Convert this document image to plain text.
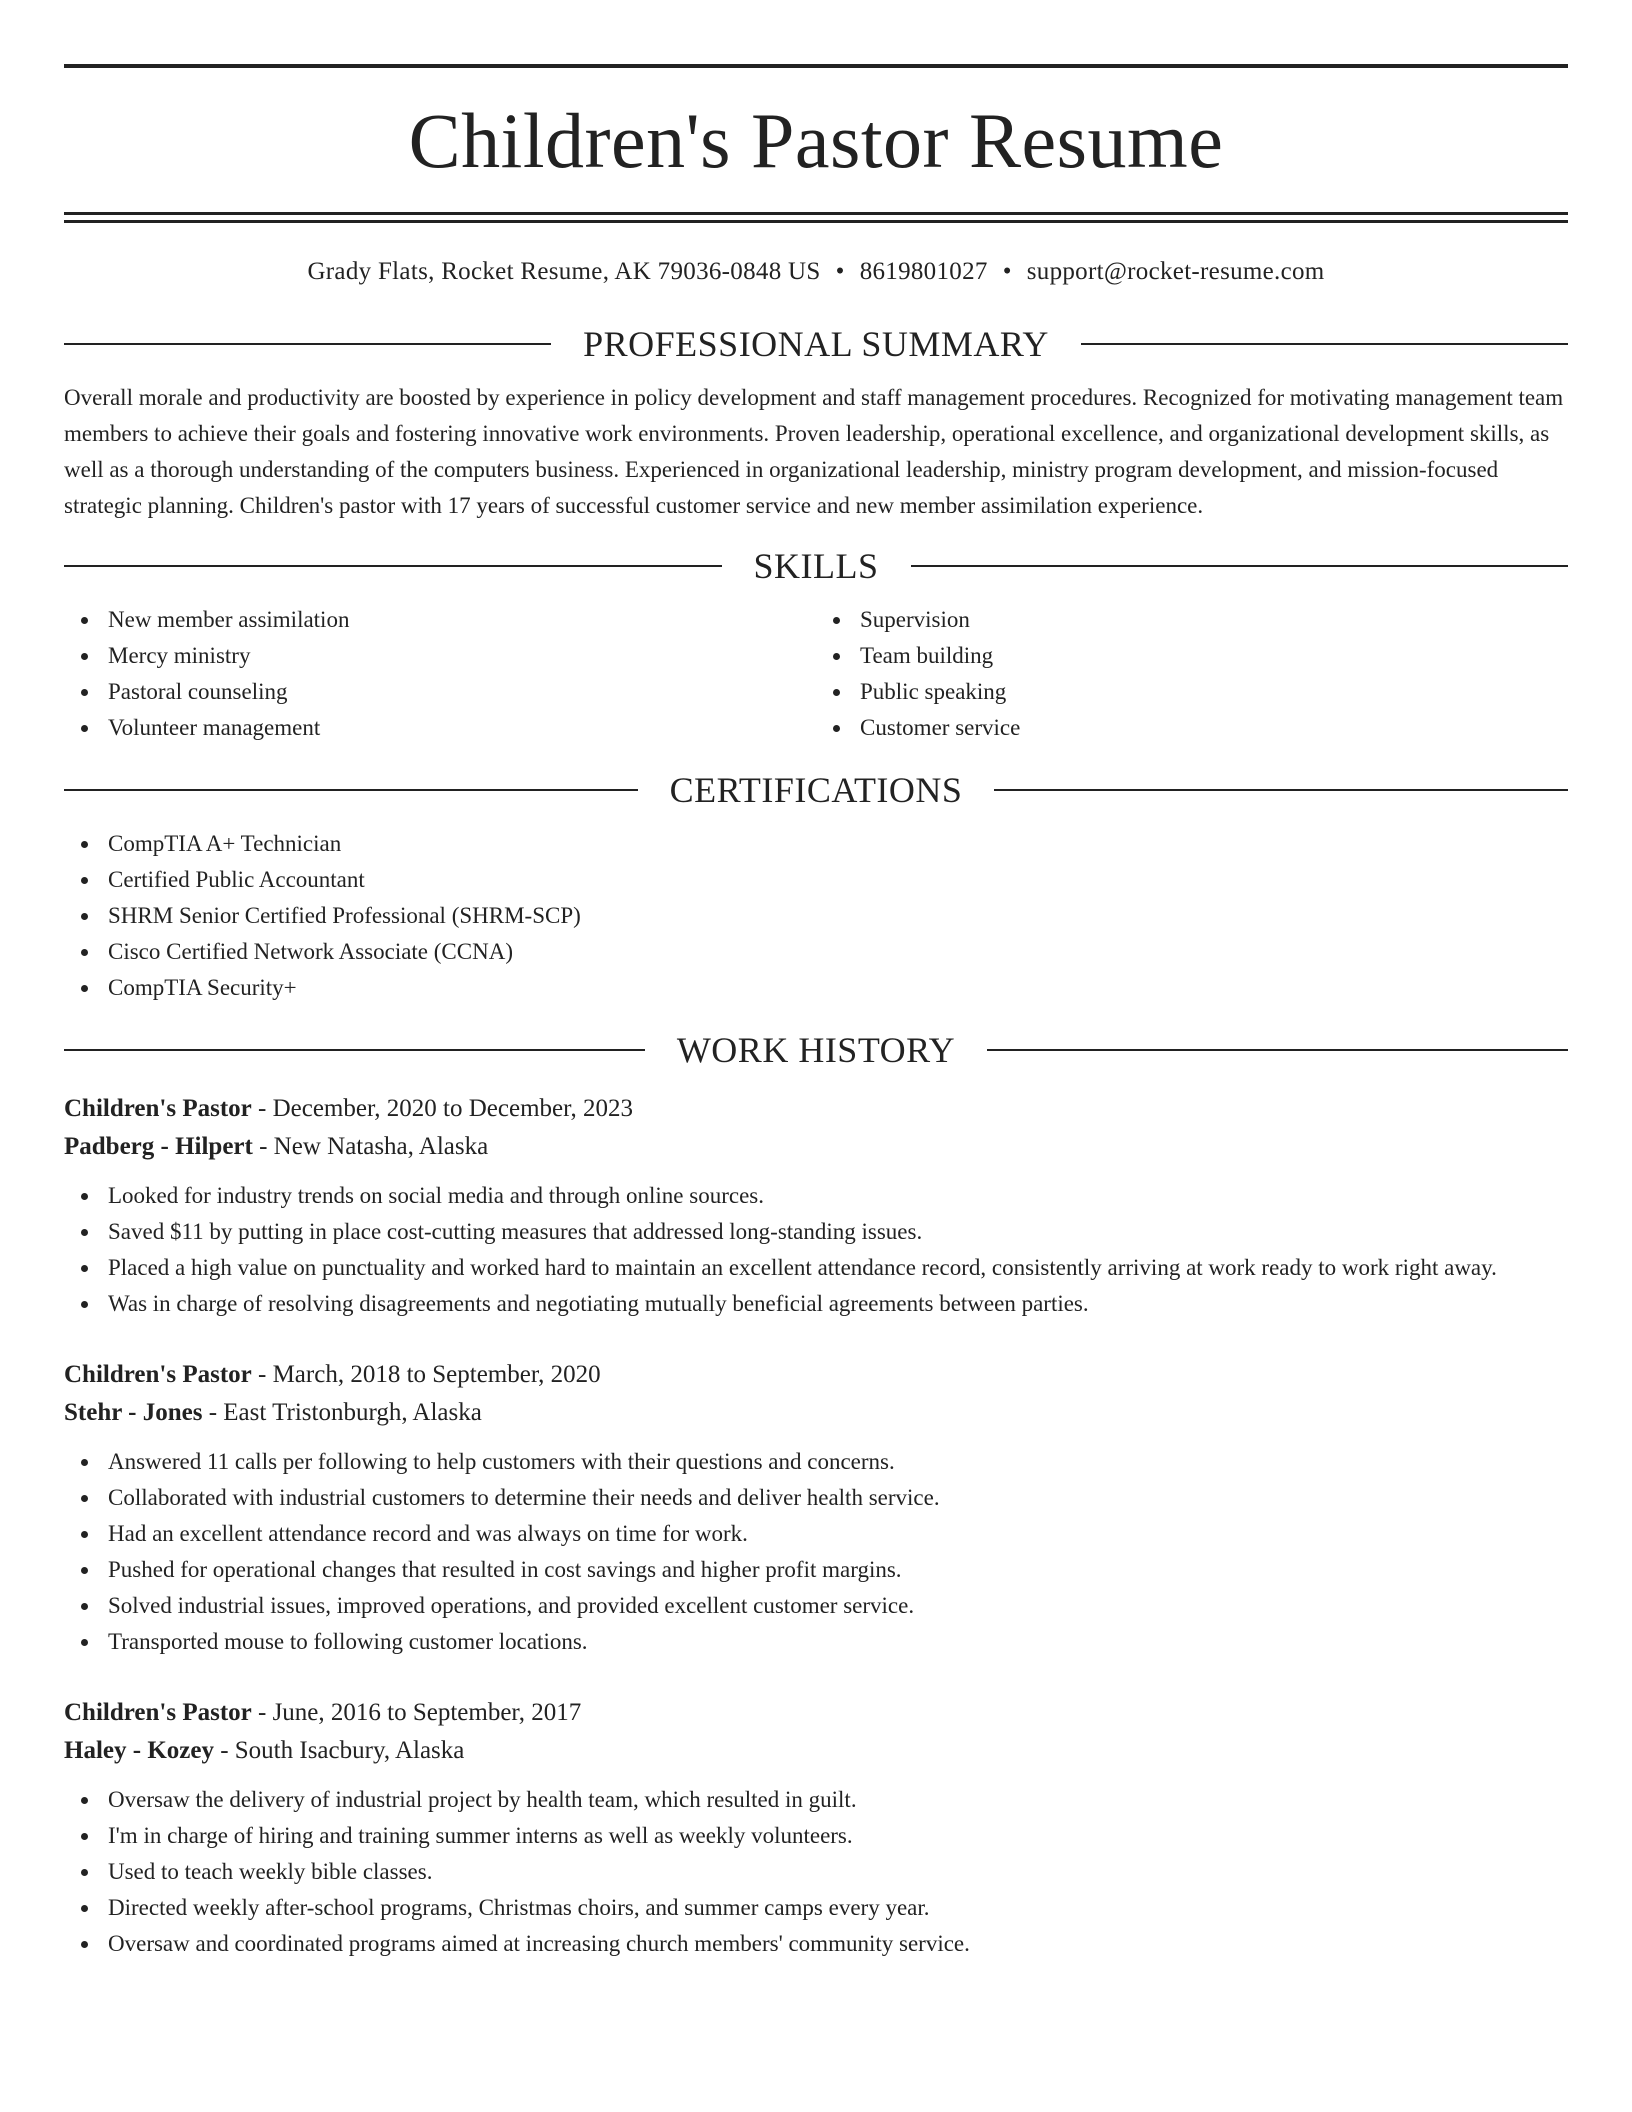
Children's Pastor Resume
Grady Flats, Rocket Resume, AK 79036-0848 US • 8619801027 • support@rocket-resume.com
PROFESSIONAL SUMMARY

Overall morale and productivity are boosted by experience in policy development and staff management procedures. Recognized for motivating management team members to achieve their goals and fostering innovative work environments. Proven leadership, operational excellence, and organizational development skills, as well as a thorough understanding of the computers business. Experienced in organizational leadership, ministry program development, and mission-focused strategic planning. Children's pastor with 17 years of successful customer service and new member assimilation experience.

SKILLS
New member assimilation
Mercy ministry
Pastoral counseling
Volunteer management
Supervision
Team building
Public speaking
Customer service
CERTIFICATIONS
CompTIA A+ Technician
Certified Public Accountant
SHRM Senior Certified Professional (SHRM-SCP)
Cisco Certified Network Associate (CCNA)
CompTIA Security+
WORK HISTORY
Children's Pastor - December, 2020 to December, 2023
Padberg - Hilpert - New Natasha, Alaska
Looked for industry trends on social media and through online sources.
Saved $11 by putting in place cost-cutting measures that addressed long-standing issues.
Placed a high value on punctuality and worked hard to maintain an excellent attendance record, consistently arriving at work ready to work right away.
Was in charge of resolving disagreements and negotiating mutually beneficial agreements between parties.
Children's Pastor - March, 2018 to September, 2020
Stehr - Jones - East Tristonburgh, Alaska
Answered 11 calls per following to help customers with their questions and concerns.
Collaborated with industrial customers to determine their needs and deliver health service.
Had an excellent attendance record and was always on time for work.
Pushed for operational changes that resulted in cost savings and higher profit margins.
Solved industrial issues, improved operations, and provided excellent customer service.
Transported mouse to following customer locations.
Children's Pastor - June, 2016 to September, 2017
Haley - Kozey - South Isacbury, Alaska
Oversaw the delivery of industrial project by health team, which resulted in guilt.
I'm in charge of hiring and training summer interns as well as weekly volunteers.
Used to teach weekly bible classes.
Directed weekly after-school programs, Christmas choirs, and summer camps every year.
Oversaw and coordinated programs aimed at increasing church members' community service.
